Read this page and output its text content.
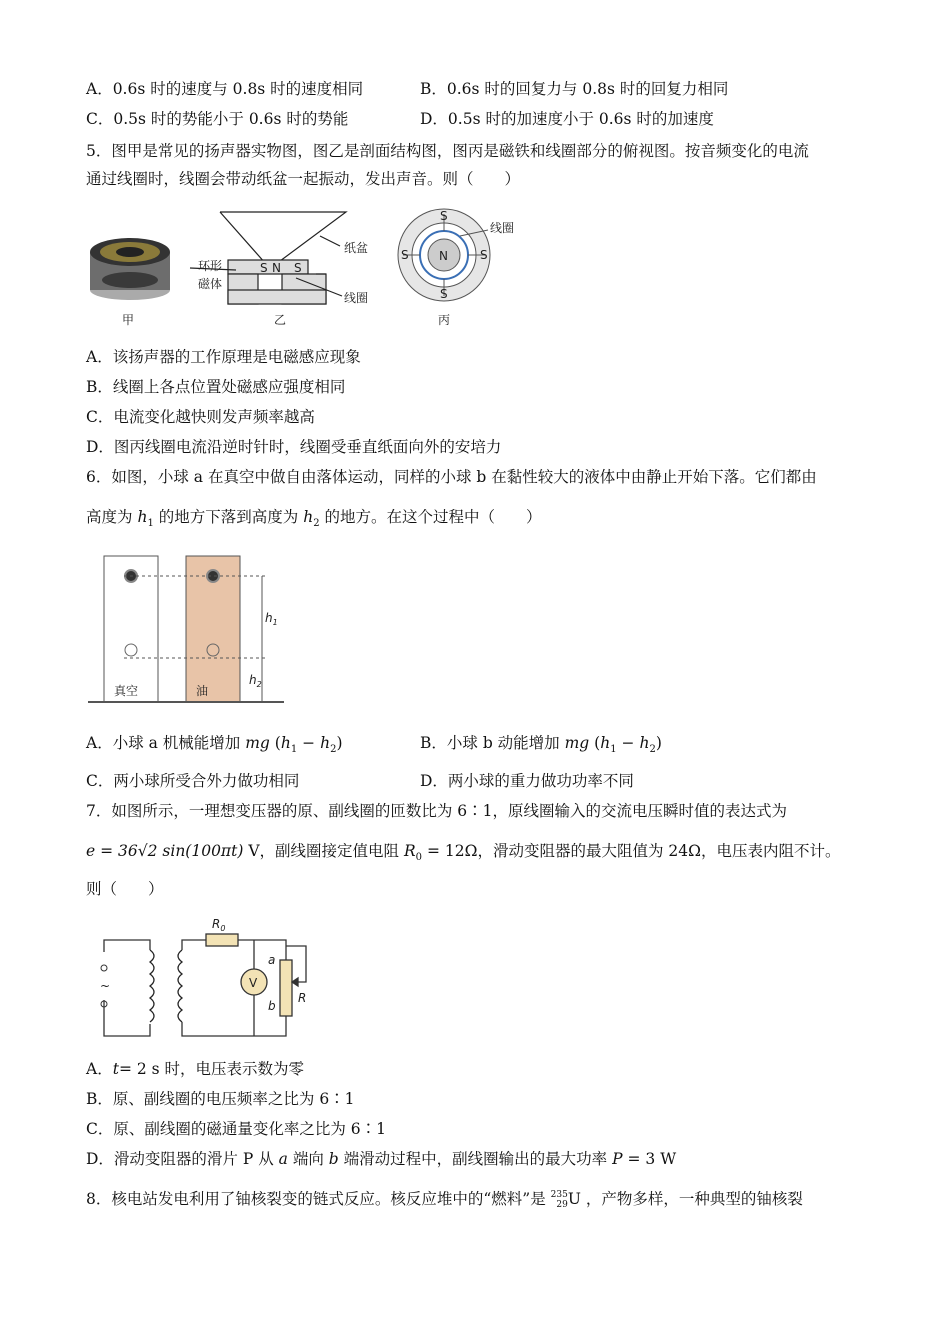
A．0.6s 时的速度与 0.8s 时的速度相同	B．0.6s 时的回复力与 0.8s 时的回复力相同
C．0.5s 时的势能小于 0.6s 时的势能	D．0.5s 时的加速度小于 0.6s 时的加速度
5．图甲是常见的扬声器实物图，图乙是剖面结构图，图丙是磁铁和线圈部分的俯视图。按音频变化的电流
通过线圈时，线圈会带动纸盆一起振动，发出声音。则（　　）
甲
S N S
纸盆
环形
磁体
线圈
乙
N
S
S
S	S
线圈
丙
A．该扬声器的工作原理是电磁感应现象
B．线圈上各点位置处磁感应强度相同
C．电流变化越快则发声频率越高
D．图丙线圈电流沿逆时针时，线圈受垂直纸面向外的安培力
6．如图，小球 a 在真空中做自由落体运动，同样的小球 b 在黏性较大的液体中由静止开始下落。它们都由
高度为 $h_1$ 的地方下落到高度为 $h_2$ 的地方。在这个过程中（　　）
真空	油
$h_1$
$h_2$
A．小球 a 机械能增加 mg $(h_1 - h_2)$	B．小球 b 动能增加 mg $(h_1 - h_2)$
C．两小球所受合外力做功相同	D．两小球的重力做功功率不同
7．如图所示，一理想变压器的原、副线圈的匝数比为 6∶1，原线圈输入的交流电压瞬时值的表达式为
e = 36√2 sin(100πt) V，副线圈接定值电阻 $R_0 = 12\Omega$，滑动变阻器的最大阻值为 24Ω，电压表内阻不计。
则（　　）
~
$R_0$
V
a
b
R
A．t= 2 s 时，电压表示数为零
B．原、副线圈的电压频率之比为 6∶1
C．原、副线圈的磁通量变化率之比为 6∶1
D．滑动变阻器的滑片 P 从 a 端向 b 端滑动过程中，副线圈输出的最大功率 P = 3 W
8．核电站发电利用了铀核裂变的链式反应。核反应堆中的“燃料”是 235
29 U ，产物多样，一种典型的铀核裂
